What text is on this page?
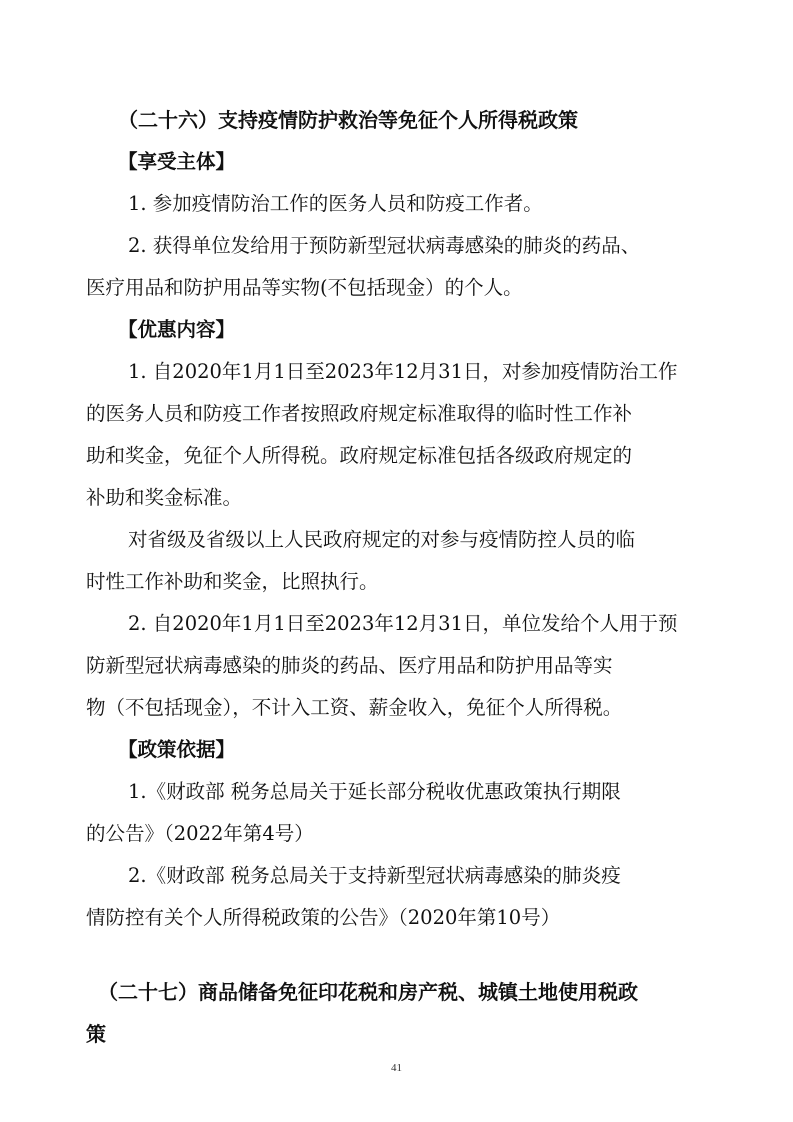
（二十六）支持疫情防护救治等免征个人所得税政策
【享受主体】
1. 参加疫情防治工作的医务人员和防疫工作者。
2. 获得单位发给用于预防新型冠状病毒感染的肺炎的药品、
医疗用品和防护用品等实物(不包括现金）的个人。
【优惠内容】
1. 自2020年1月1日至2023年12月31日，对参加疫情防治工作
的医务人员和防疫工作者按照政府规定标准取得的临时性工作补
助和奖金，免征个人所得税。政府规定标准包括各级政府规定的
补助和奖金标准。
对省级及省级以上人民政府规定的对参与疫情防控人员的临
时性工作补助和奖金，比照执行。
2. 自2020年1月1日至2023年12月31日，单位发给个人用于预
防新型冠状病毒感染的肺炎的药品、医疗用品和防护用品等实
物（不包括现金），不计入工资、薪金收入，免征个人所得税。
【政策依据】
1.《财政部 税务总局关于延长部分税收优惠政策执行期限
的公告》（2022年第4号）
2.《财政部 税务总局关于支持新型冠状病毒感染的肺炎疫
情防控有关个人所得税政策的公告》（2020年第10号）
（二十七）商品储备免征印花税和房产税、城镇土地使用税政
策
41
